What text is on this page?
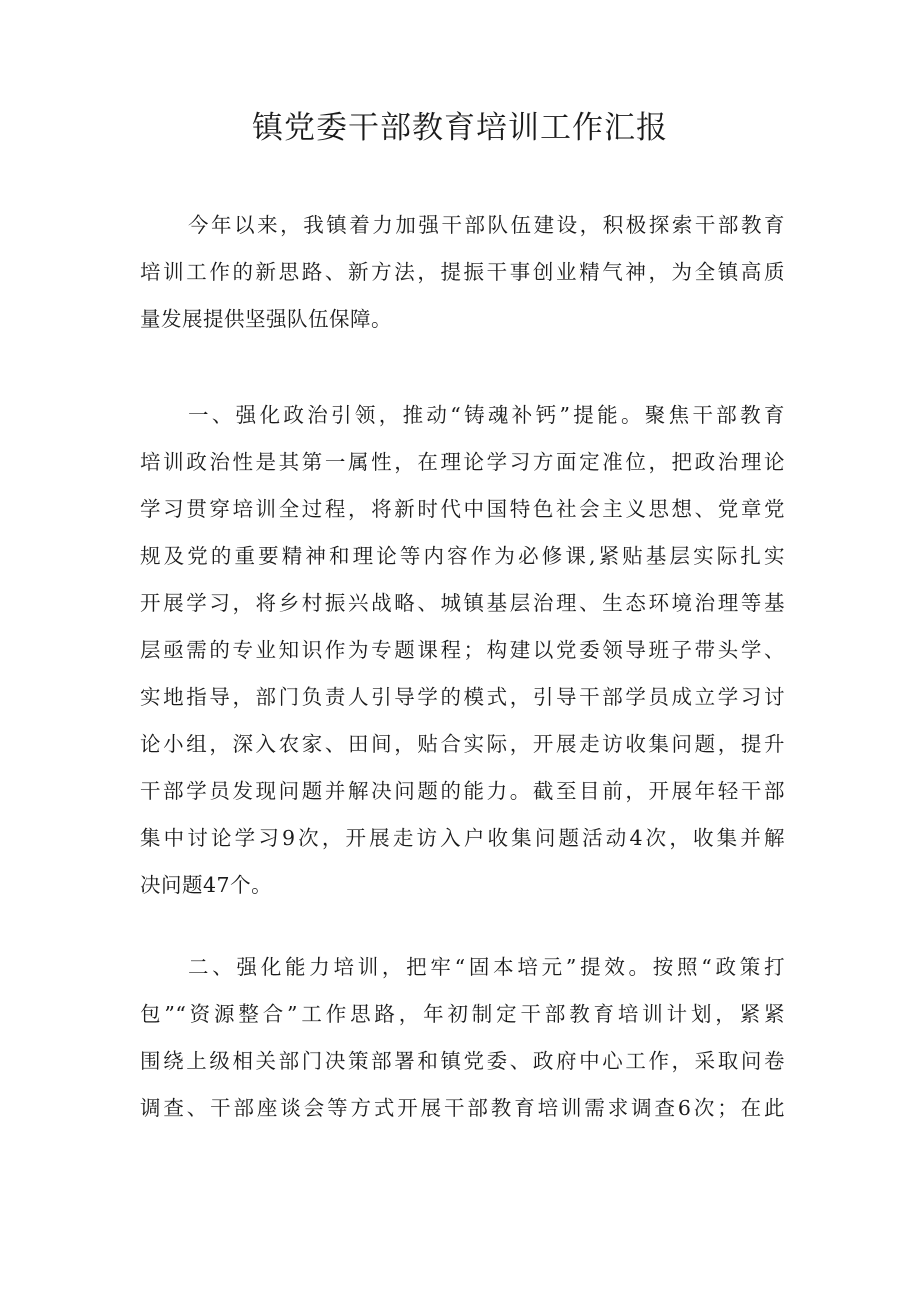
镇党委干部教育培训工作汇报
今年以来，我镇着力加强干部队伍建设，积极探索干部教育
培训工作的新思路、新方法，提振干事创业精气神，为全镇高质
量发展提供坚强队伍保障。
一、强化政治引领，推动“铸魂补钙”提能。聚焦干部教育
培训政治性是其第一属性，在理论学习方面定准位，把政治理论
学习贯穿培训全过程，将新时代中国特色社会主义思想、党章党
规及党的重要精神和理论等内容作为必修课,紧贴基层实际扎实
开展学习，将乡村振兴战略、城镇基层治理、生态环境治理等基
层亟需的专业知识作为专题课程；构建以党委领导班子带头学、
实地指导，部门负责人引导学的模式，引导干部学员成立学习讨
论小组，深入农家、田间，贴合实际，开展走访收集问题，提升
干部学员发现问题并解决问题的能力。截至目前，开展年轻干部
集中讨论学习9次，开展走访入户收集问题活动4次，收集并解
决问题47个。
二、强化能力培训，把牢“固本培元”提效。按照“政策打
包”“资源整合”工作思路，年初制定干部教育培训计划，紧紧
围绕上级相关部门决策部署和镇党委、政府中心工作，采取问卷
调查、干部座谈会等方式开展干部教育培训需求调查6次；在此
